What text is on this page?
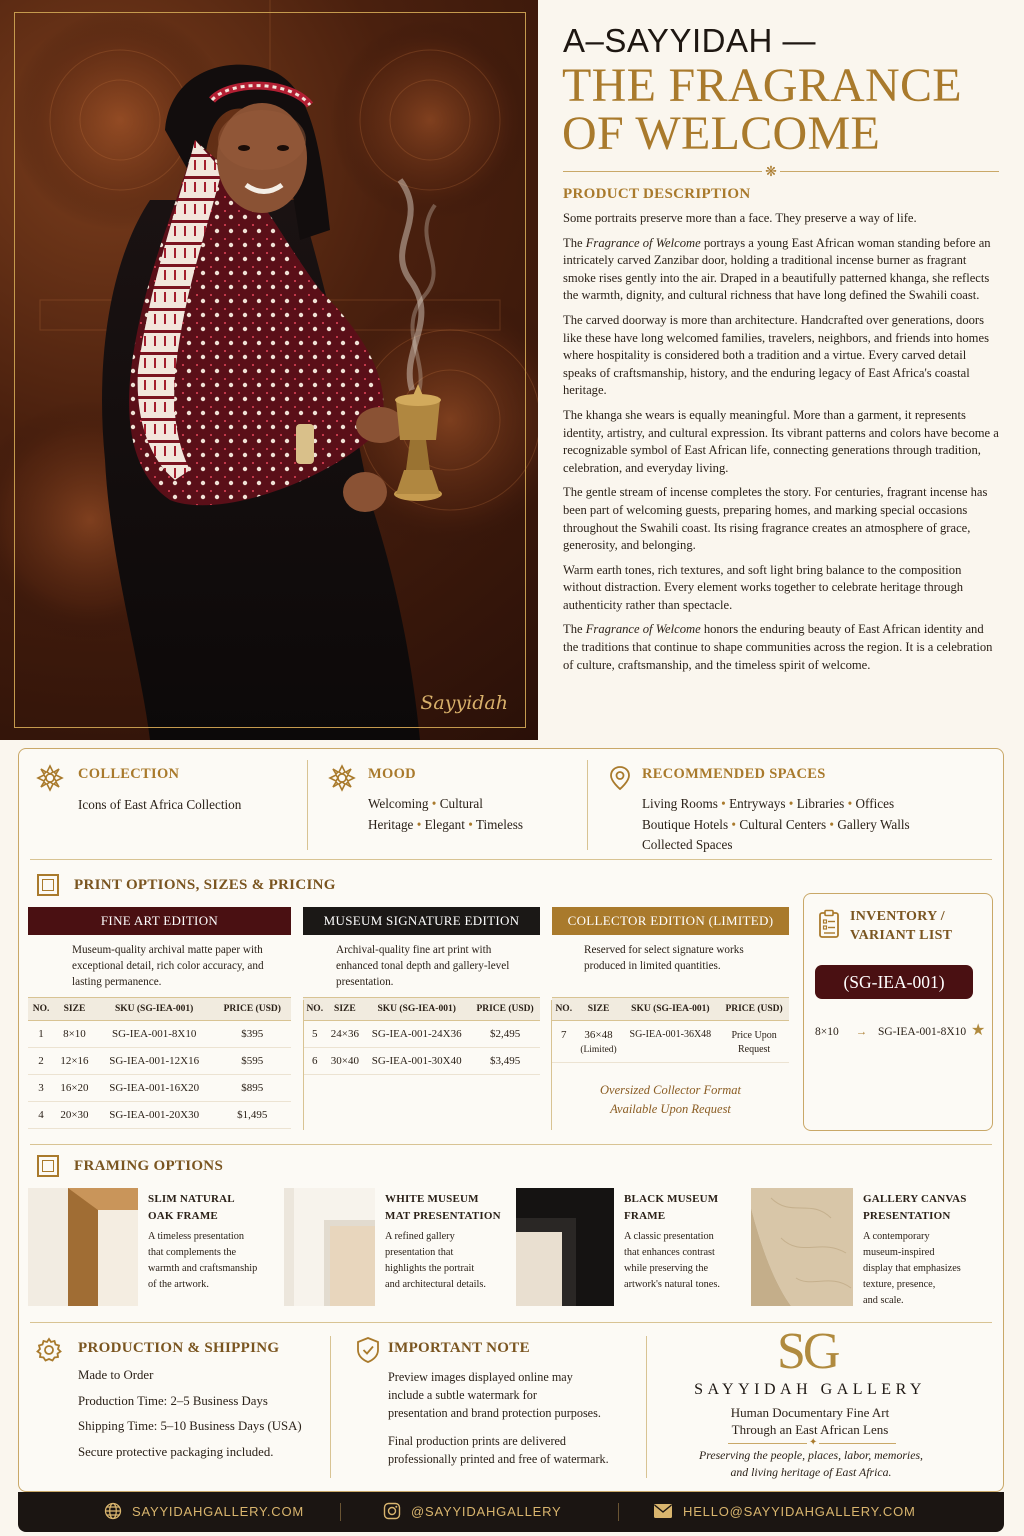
Sayyidah
A–SAYYIDAH —
THE FRAGRANCE OF WELCOME
❋
PRODUCT DESCRIPTION

Some portraits preserve more than a face. They preserve a way of life.

The Fragrance of Welcome portrays a young East African woman standing before an intricately carved Zanzibar door, holding a traditional incense burner as fragrant smoke rises gently into the air. Draped in a beautifully patterned khanga, she reflects the warmth, dignity, and cultural richness that have long defined the Swahili coast.

The carved doorway is more than architecture. Handcrafted over generations, doors like these have long welcomed families, travelers, neighbors, and friends into homes where hospitality is considered both a tradition and a virtue. Every carved detail speaks of craftsmanship, history, and the enduring legacy of East Africa's coastal heritage.

The khanga she wears is equally meaningful. More than a garment, it represents identity, artistry, and cultural expression. Its vibrant patterns and colors have become a recognizable symbol of East African life, connecting generations through tradition, celebration, and everyday living.

The gentle stream of incense completes the story. For centuries, fragrant incense has been part of welcoming guests, preparing homes, and marking special occasions throughout the Swahili coast. Its rising fragrance creates an atmosphere of grace, generosity, and belonging.

Warm earth tones, rich textures, and soft light bring balance to the composition without distraction. Every element works together to celebrate heritage through authenticity rather than spectacle.

The Fragrance of Welcome honors the enduring beauty of East African identity and the traditions that continue to shape communities across the region. It is a celebration of culture, craftsmanship, and the timeless spirit of welcome.

COLLECTION
Icons of East Africa Collection
MOOD
Welcoming • Cultural
Heritage • Elegant • Timeless
RECOMMENDED SPACES
Living Rooms • Entryways • Libraries • Offices
Boutique Hotels • Cultural Centers • Gallery Walls
Collected Spaces
PRINT OPTIONS, SIZES & PRICING
FINE ART EDITION
Museum-quality archival matte paper with exceptional detail, rich color accuracy, and lasting permanence.
NO.	SIZE	SKU (SG-IEA-001)	PRICE (USD)
1	8×10	SG-IEA-001-8X10	$395
2	12×16	SG-IEA-001-12X16	$595
3	16×20	SG-IEA-001-16X20	$895
4	20×30	SG-IEA-001-20X30	$1,495
MUSEUM SIGNATURE EDITION
Archival-quality fine art print with enhanced tonal depth and gallery-level presentation.
NO.	SIZE	SKU (SG-IEA-001)	PRICE (USD)
5	24×36	SG-IEA-001-24X36	$2,495
6	30×40	SG-IEA-001-30X40	$3,495
COLLECTOR EDITION (LIMITED)
Reserved for select signature works produced in limited quantities.
NO.	SIZE	SKU (SG-IEA-001)	PRICE (USD)
7	36×48
(Limited)	SG-IEA-001-36X48	Price Upon
Request
Oversized Collector Format
Available Upon Request
INVENTORY /
VARIANT LIST
(SG-IEA-001)
8×10 → SG-IEA-001-8X10 ★
FRAMING OPTIONS
SLIM NATURAL
OAK FRAME
A timeless presentation
that complements the
warmth and craftsmanship
of the artwork.
WHITE MUSEUM
MAT PRESENTATION
A refined gallery
presentation that
highlights the portrait
and architectural details.
BLACK MUSEUM
FRAME
A classic presentation
that enhances contrast
while preserving the
artwork's natural tones.
GALLERY CANVAS
PRESENTATION
A contemporary
museum-inspired
display that emphasizes
texture, presence,
and scale.
PRODUCTION & SHIPPING
Made to Order
Production Time: 2–5 Business Days
Shipping Time: 5–10 Business Days (USA)
Secure protective packaging included.
IMPORTANT NOTE
Preview images displayed online may
include a subtle watermark for
presentation and brand protection purposes.
Final production prints are delivered
professionally printed and free of watermark.
SG
SAYYIDAH GALLERY
Human Documentary Fine Art
Through an East African Lens
✦
Preserving the people, places, labor, memories,
and living heritage of East Africa.
SAYYIDAHGALLERY.COM	@SAYYIDAHGALLERY	HELLO@SAYYIDAHGALLERY.COM
